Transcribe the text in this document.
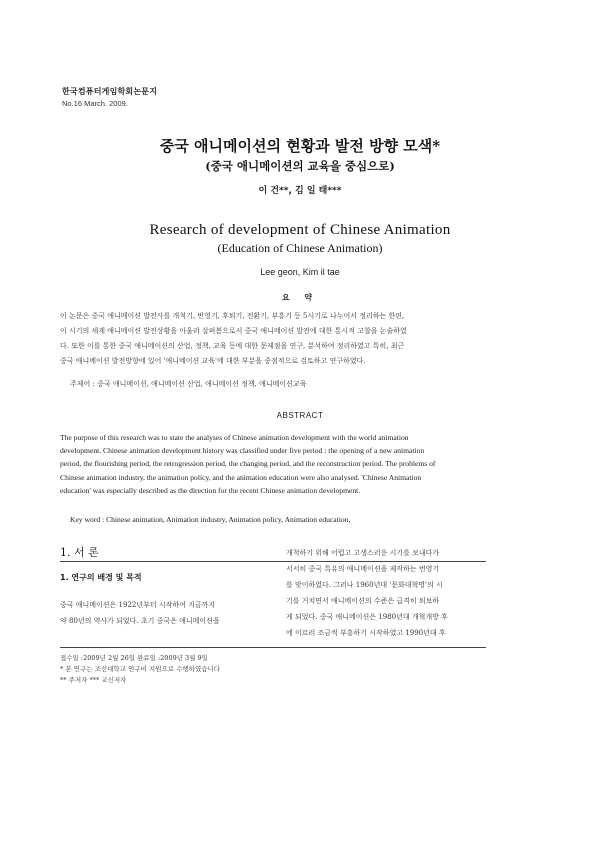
한국컴퓨터게임학회논문지
No.16 March. 2009.
중국 애니메이션의 현황과 발전 방향 모색*
(중국 애니메이션의 교육을 중심으로)
이 건**, 김 일 태***
Research of development of Chinese Animation
(Education of Chinese Animation)
Lee geon, Kim il tae
요 약
이 논문은 중국 애니메이션 발전사를 개척기, 번영기, 후퇴기, 전환기, 부흥기 등 5시기로 나누어서 정리하는 한편,
이 시기의 세계 애니메이션 발전상황을 아울러 살펴봄으로서 중국 애니메이션 발전에 대한 통시적 고찰을 논술하였
다. 또한 이를 통한 중국 애니메이션의 산업, 정책, 교육 등에 대한 문제점을 연구, 분석하여 정리하였고 특히, 최근
중국 애니메이션 발전방향에 있어 '애니메이션 교육'에 대한 부분을 중점적으로 검토하고 연구하였다.
주제어 : 중국 애니메이션, 애니메이션 산업, 애니메이션 정책, 애니메이션교육
ABSTRACT
The purpose of this research was to state the analyses of Chinese animation development with the world animation
development. Chinese animation development history was classified under five period : the opening of a new animation
period, the flourishing period, the retrogression period, the changing period, and the reconstruction period. The problems of
Chinese animation industry, the animation policy, and the animation education were also analysed. 'Chinese Animation
education' was especially described as the direction for the recent Chinese animation development.
Key word : Chinese animation, Animation industry, Animation policy, Animation education,
1. 서 론
1. 연구의 배경 및 목적
중국 애니메이션은 1922년부터 시작하여 지금까지
약 80년의 역사가 되었다. 초기 중국은 애니메이션을
개척하기 위해 어렵고 고생스러운 시기를 보내다가
서서히 중국 특유의 애니메이션을 제작하는 번영기
를 맞이하였다. 그러나 1960년대 '문화대혁명'의 시
기를 거치면서 애니메이션의 수준은 급격히 퇴보하
게 되었다. 중국 애니메이션은 1980년대 개혁개방 후
에 이르러 조금씩 부흥하기 시작하였고 1990년대 후
접수일 :2009년 2월 26일 완료일 :2009년 3월 9일
* 본 연구는 조선대학교 연구비 지원으로 수행하였습니다
** 주저자 *** 교신저자
